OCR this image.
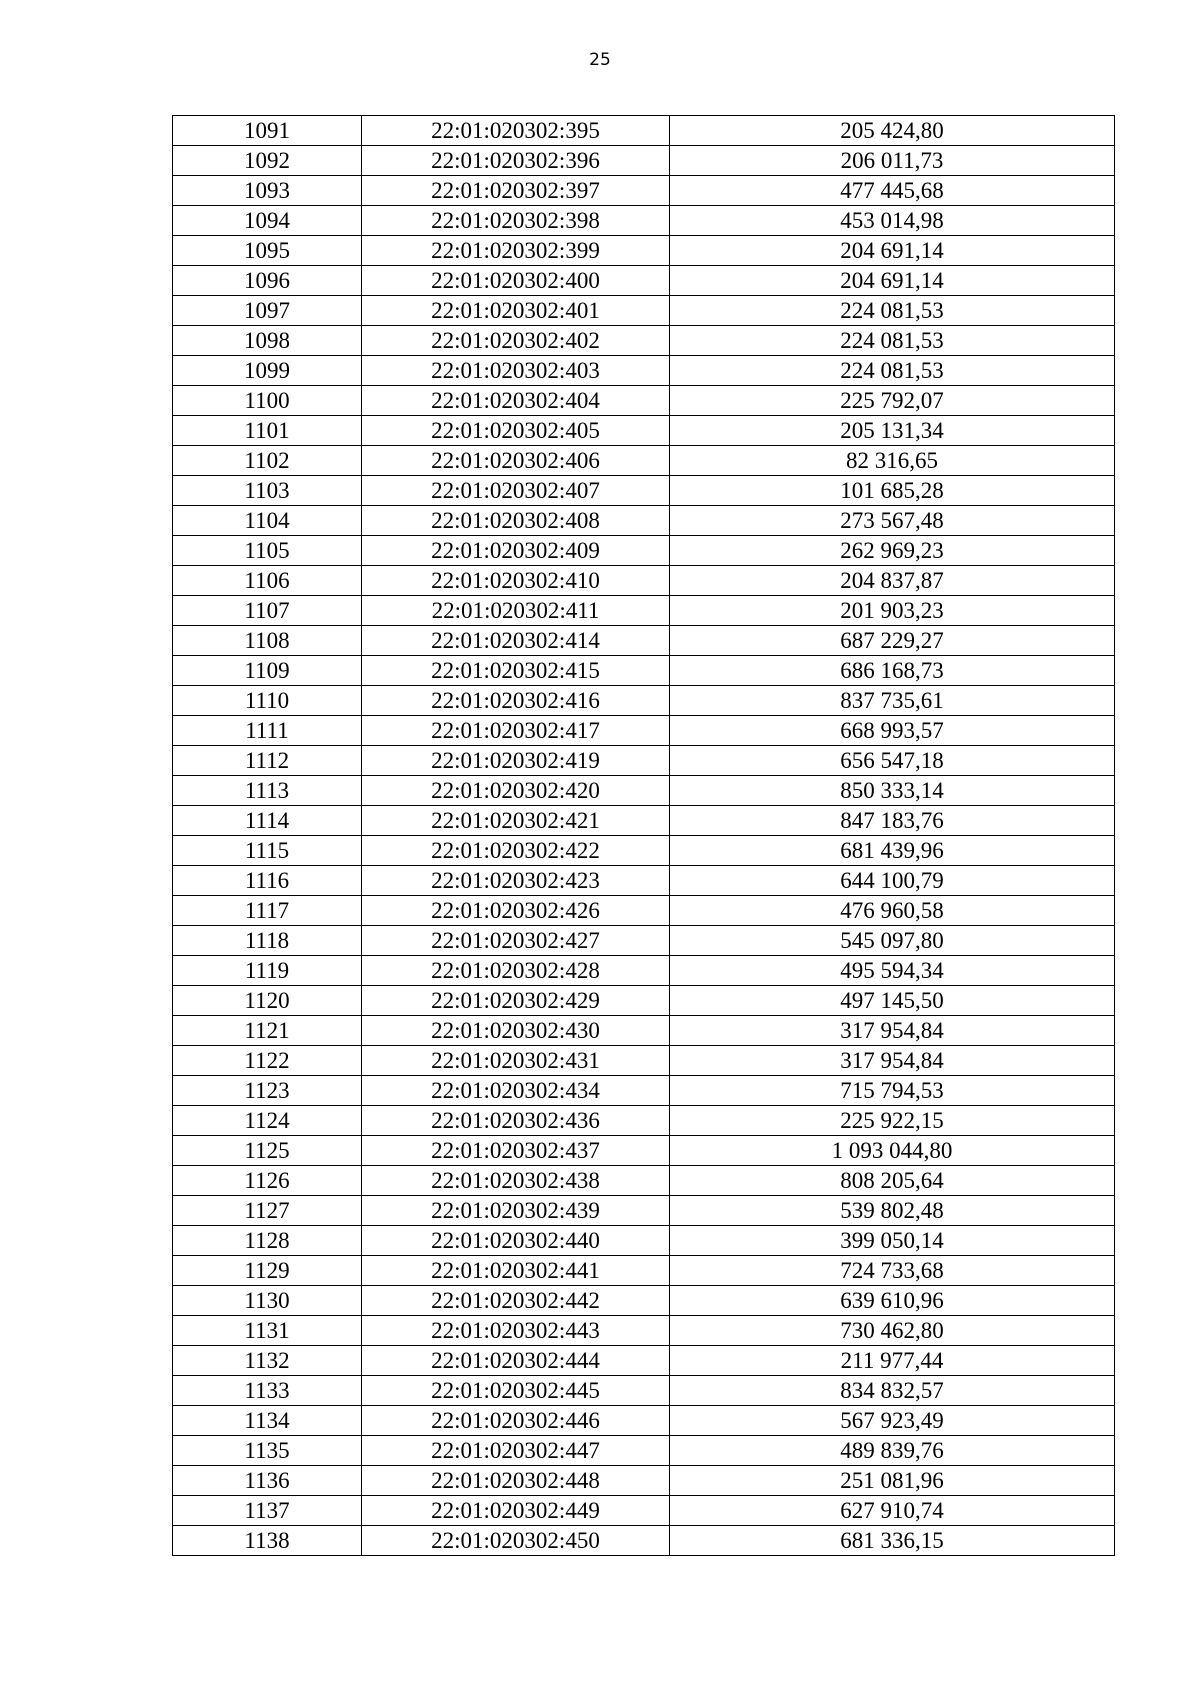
25
1091	22:01:020302:395	205 424,80
1092	22:01:020302:396	206 011,73
1093	22:01:020302:397	477 445,68
1094	22:01:020302:398	453 014,98
1095	22:01:020302:399	204 691,14
1096	22:01:020302:400	204 691,14
1097	22:01:020302:401	224 081,53
1098	22:01:020302:402	224 081,53
1099	22:01:020302:403	224 081,53
1100	22:01:020302:404	225 792,07
1101	22:01:020302:405	205 131,34
1102	22:01:020302:406	82 316,65
1103	22:01:020302:407	101 685,28
1104	22:01:020302:408	273 567,48
1105	22:01:020302:409	262 969,23
1106	22:01:020302:410	204 837,87
1107	22:01:020302:411	201 903,23
1108	22:01:020302:414	687 229,27
1109	22:01:020302:415	686 168,73
1110	22:01:020302:416	837 735,61
1111	22:01:020302:417	668 993,57
1112	22:01:020302:419	656 547,18
1113	22:01:020302:420	850 333,14
1114	22:01:020302:421	847 183,76
1115	22:01:020302:422	681 439,96
1116	22:01:020302:423	644 100,79
1117	22:01:020302:426	476 960,58
1118	22:01:020302:427	545 097,80
1119	22:01:020302:428	495 594,34
1120	22:01:020302:429	497 145,50
1121	22:01:020302:430	317 954,84
1122	22:01:020302:431	317 954,84
1123	22:01:020302:434	715 794,53
1124	22:01:020302:436	225 922,15
1125	22:01:020302:437	1 093 044,80
1126	22:01:020302:438	808 205,64
1127	22:01:020302:439	539 802,48
1128	22:01:020302:440	399 050,14
1129	22:01:020302:441	724 733,68
1130	22:01:020302:442	639 610,96
1131	22:01:020302:443	730 462,80
1132	22:01:020302:444	211 977,44
1133	22:01:020302:445	834 832,57
1134	22:01:020302:446	567 923,49
1135	22:01:020302:447	489 839,76
1136	22:01:020302:448	251 081,96
1137	22:01:020302:449	627 910,74
1138	22:01:020302:450	681 336,15
